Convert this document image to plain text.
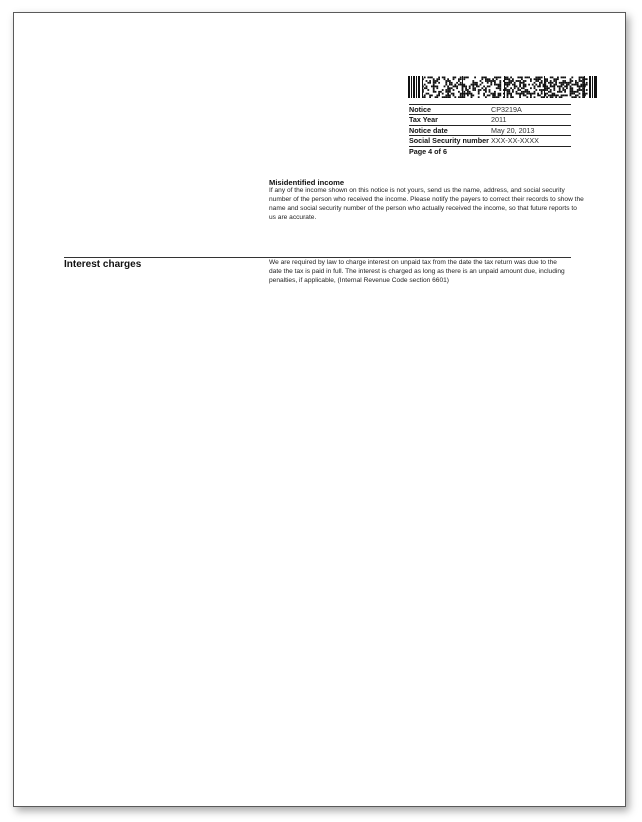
Notice	CP3219A
Tax Year	2011
Notice date	May 20, 2013
Social Security number	XXX-XX-XXXX
Page 4 of 6	
Misidentified income
If any of the income shown on this notice is not yours, send us the name, address, and social security number of the person who received the income. Please notify the payers to correct their records to show the name and social security number of the person who actually received the income, so that future reports to us are accurate.
Interest charges	We are required by law to charge interest on unpaid tax from the date the tax return was due to the date the tax is paid in full. The interest is charged as long as there is an unpaid amount due, including penalties, if applicable, (Internal Revenue Code section 6601)
